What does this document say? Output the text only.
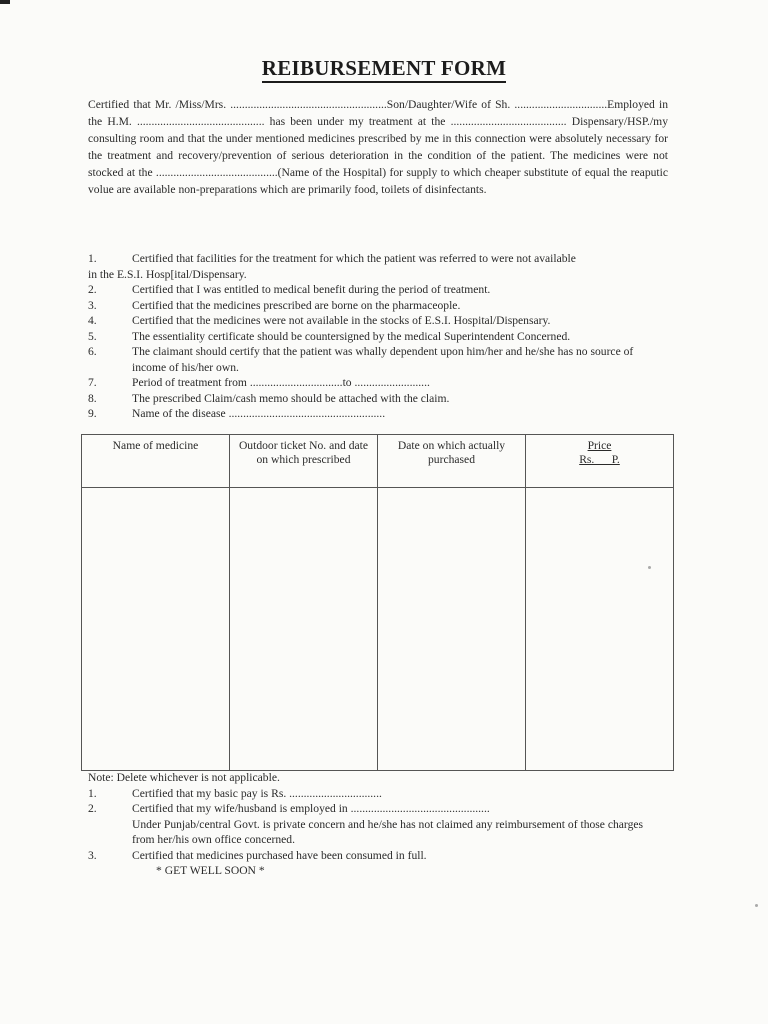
REIBURSEMENT FORM
Certified that Mr. /Miss/Mrs. ......................................................Son/Daughter/Wife of Sh. ................................Employed in the H.M. ............................................ has been under my treatment at the ........................................ Dispensary/HSP./my consulting room and that the under mentioned medicines prescribed by me in this connection were absolutely necessary for the treatment and recovery/prevention of serious deterioration in the condition of the patient. The medicines were not stocked at the ..........................................(Name of the Hospital) for supply to which cheaper substitute of equal the reaputic volue are available non-preparations which are primarily food, toilets of disinfectants.
1.	Certified that facilities for the treatment for which the patient was referred to were not available
in the E.S.I. Hosp[ital/Dispensary.
2.	Certified that I was entitled to medical benefit during the period of treatment.
3.	Certified that the medicines prescribed are borne on the pharmaceople.
4.	Certified that the medicines were not available in the stocks of E.S.I. Hospital/Dispensary.
5.	The essentiality certificate should be countersigned by the medical Superintendent Concerned.
6.	The claimant should certify that the patient was whally dependent upon him/her and he/she has no source of income of his/her own.
7.	Period of treatment from ................................to ..........................
8.	The prescribed Claim/cash memo should be attached with the claim.
9.	Name of the disease ......................................................
Name of medicine	Outdoor ticket No. and date on which prescribed	Date on which actually purchased	Price
Rs.      P.

Note: Delete whichever is not applicable.
1.	Certified that my basic pay is Rs. ................................
2.	Certified that my wife/husband is employed in ................................................
Under Punjab/central Govt. is private concern and he/she has not claimed any reimbursement of those charges from her/his own office concerned.
3.	Certified that medicines purchased have been consumed in full.
* GET WELL SOON *
